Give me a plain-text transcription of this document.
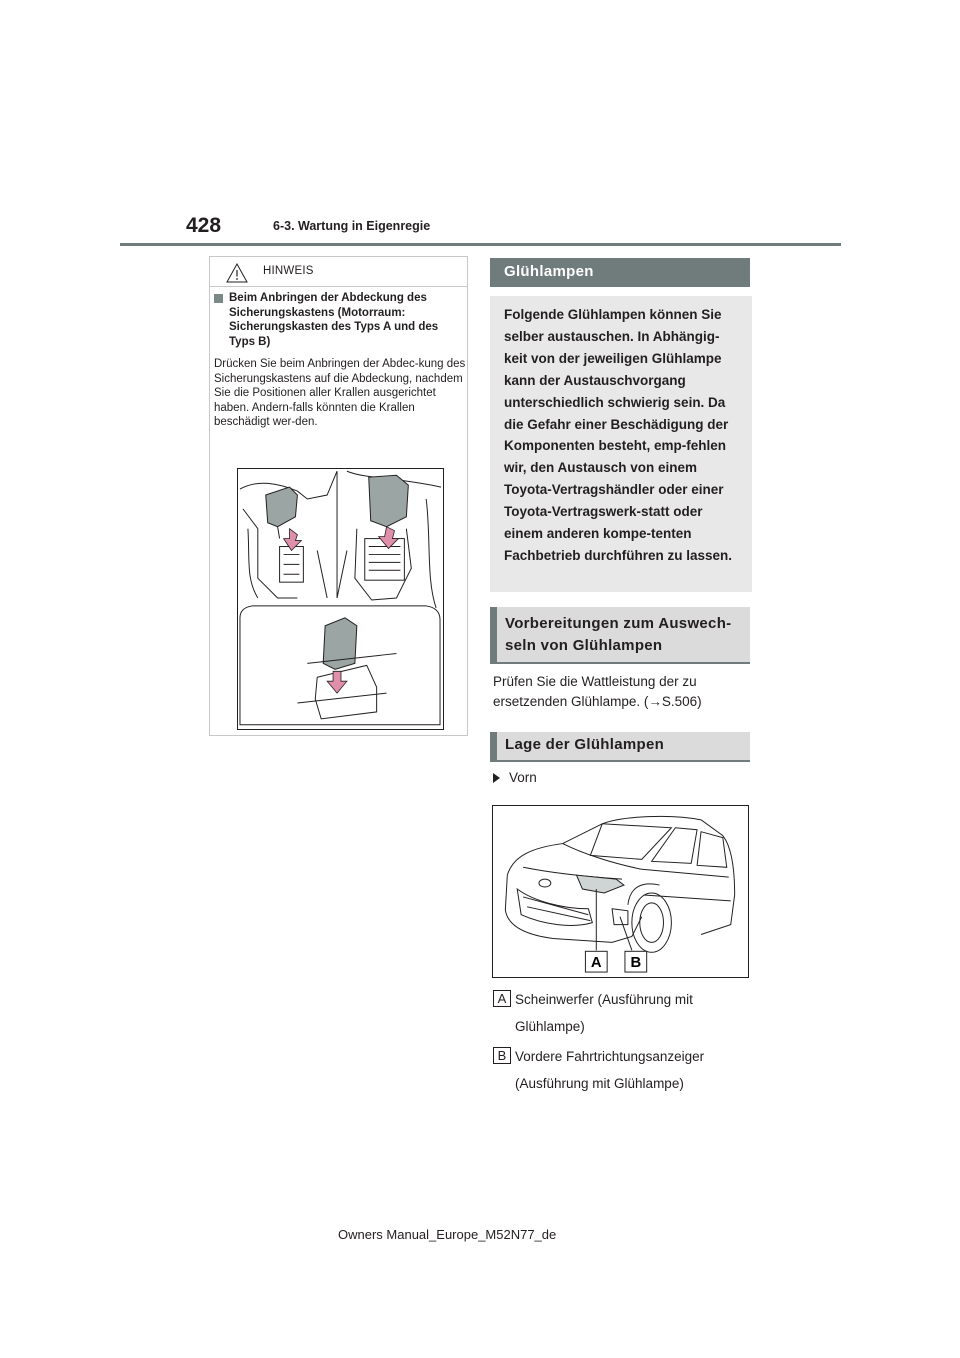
428	6-3. Wartung in Eigenregie
HINWEIS
Beim Anbringen der Abdeckung des Sicherungskastens (Motorraum: Sicherungskasten des Typs A und des Typs B)
Drücken Sie beim Anbringen der Abdec-kung des Sicherungskastens auf die Abdeckung, nachdem Sie die Positionen aller Krallen ausgerichtet haben. Andern-falls könnten die Krallen beschädigt wer-den.
Glühlampen
Folgende Glühlampen können Sie selber austauschen. In Abhängig-keit von der jeweiligen Glühlampe kann der Austauschvorgang unterschiedlich schwierig sein. Da die Gefahr einer Beschädigung der Komponenten besteht, emp-fehlen wir, den Austausch von einem Toyota-Vertragshändler oder einer Toyota-Vertragswerk-statt oder einem anderen kompe-tenten Fachbetrieb durchführen zu lassen.
Vorbereitungen zum Auswech-
seln von Glühlampen
Prüfen Sie die Wattleistung der zu
ersetzenden Glühlampe. (→S.506)
Lage der Glühlampen
Vorn
A B
A Scheinwerfer (Ausführung mit
Glühlampe)
B Vordere Fahrtrichtungsanzeiger
(Ausführung mit Glühlampe)
Owners Manual_Europe_M52N77_de
